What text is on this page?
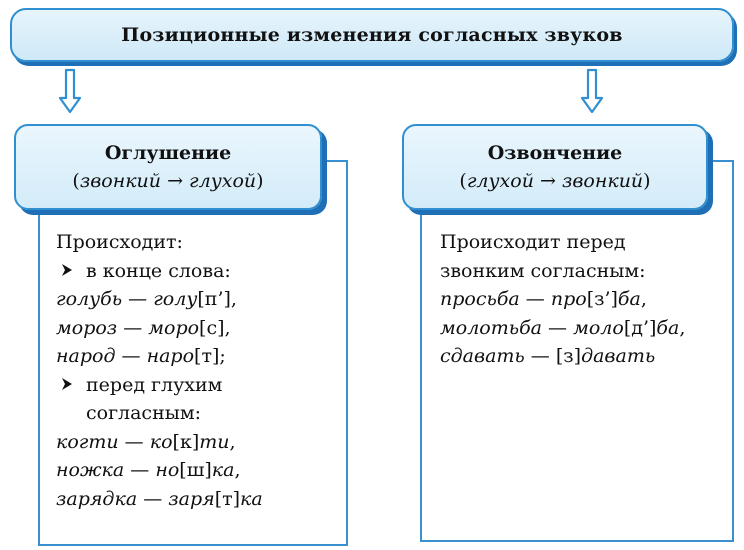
Позиционные изменения согласных звуков
Оглушение
(звонкий → глухой)
Озвончение
(глухой → звонкий)
Происходит:
в конце слова:
голубь — голу[п’],
мороз — моро[с],
народ — наро[т];
перед глухим
согласным:
когти — ко[к]ти,
ножка — но[ш]ка,
зарядка — заря[т]ка
Происходит перед
звонким согласным:
просьба — про[з’]ба,
молотьба — моло[д’]ба,
сдавать — [з]давать
